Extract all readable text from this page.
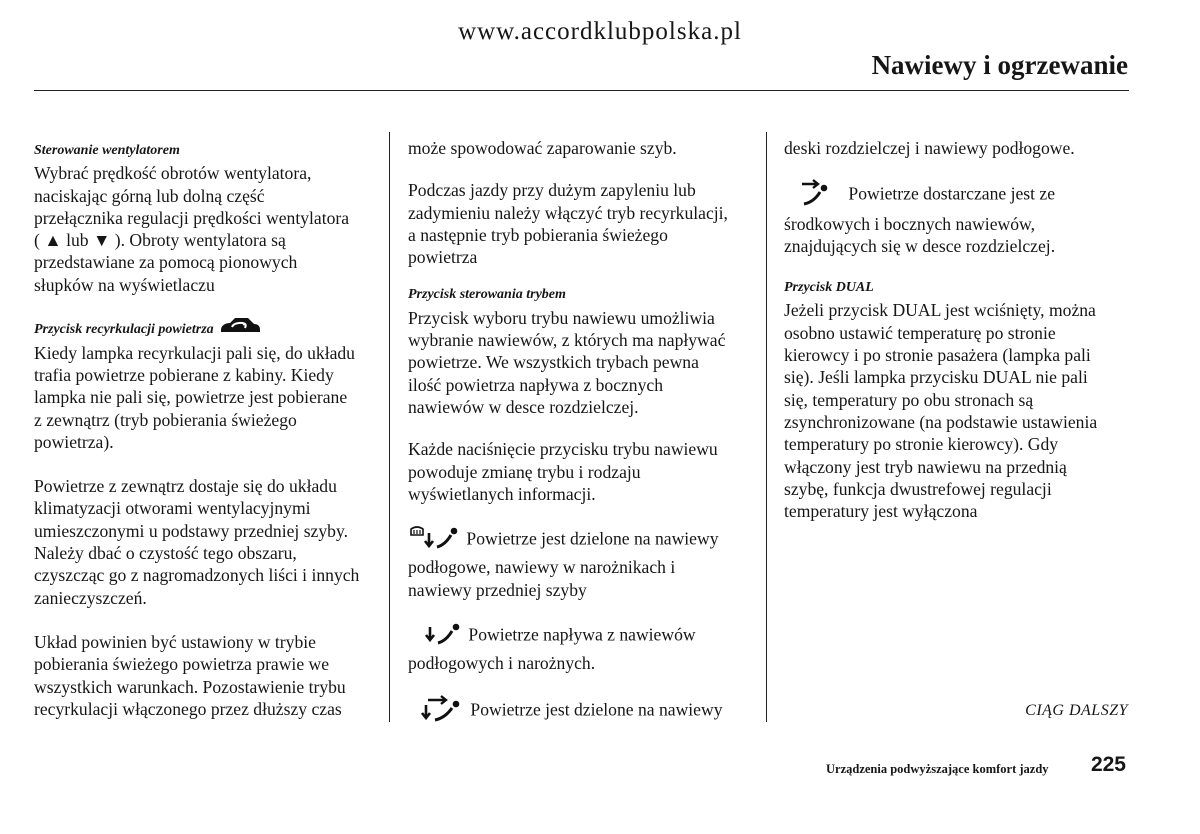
www.accordklubpolska.pl
Nawiewy i ogrzewanie

Sterowanie wentylatorem

Wybrać prędkość obrotów wentylatora,

naciskając górną lub dolną część

przełącznika regulacji prędkości wentylatora

( ▲ lub ▼ ). Obroty wentylatora są

przedstawiane za pomocą pionowych

słupków na wyświetlaczu

Przycisk recyrkulacji powietrza

Kiedy lampka recyrkulacji pali się, do układu

trafia powietrze pobierane z kabiny. Kiedy

lampka nie pali się, powietrze jest pobierane

z zewnątrz (tryb pobierania świeżego

powietrza).

Powietrze z zewnątrz dostaje się do układu

klimatyzacji otworami wentylacyjnymi

umieszczonymi u podstawy przedniej szyby.

Należy dbać o czystość tego obszaru,

czyszcząc go z nagromadzonych liści i innych

zanieczyszczeń.

Układ powinien być ustawiony w trybie

pobierania świeżego powietrza prawie we

wszystkich warunkach. Pozostawienie trybu

recyrkulacji włączonego przez dłuższy czas

może spowodować zaparowanie szyb.

Podczas jazdy przy dużym zapyleniu lub

zadymieniu należy włączyć tryb recyrkulacji,

a następnie tryb pobierania świeżego

powietrza

Przycisk sterowania trybem

Przycisk wyboru trybu nawiewu umożliwia

wybranie nawiewów, z których ma napływać

powietrze. We wszystkich trybach pewna

ilość powietrza napływa z bocznych

nawiewów w desce rozdzielczej.

Każde naciśnięcie przycisku trybu nawiewu

powoduje zmianę trybu i rodzaju

wyświetlanych informacji.

Powietrze jest dzielone na nawiewy

podłogowe, nawiewy w narożnikach i

nawiewy przedniej szyby

Powietrze napływa z nawiewów

podłogowych i narożnych.

Powietrze jest dzielone na nawiewy

deski rozdzielczej i nawiewy podłogowe.

Powietrze dostarczane jest ze

środkowych i bocznych nawiewów,

znajdujących się w desce rozdzielczej.

Przycisk DUAL

Jeżeli przycisk DUAL jest wciśnięty, można

osobno ustawić temperaturę po stronie

kierowcy i po stronie pasażera (lampka pali

się). Jeśli lampka przycisku DUAL nie pali

się, temperatury po obu stronach są

zsynchronizowane (na podstawie ustawienia

temperatury po stronie kierowcy). Gdy

włączony jest tryb nawiewu na przednią

szybę, funkcja dwustrefowej regulacji

temperatury jest wyłączona

CIĄG DALSZY
Urządzenia podwyższające komfort jazdy 225
